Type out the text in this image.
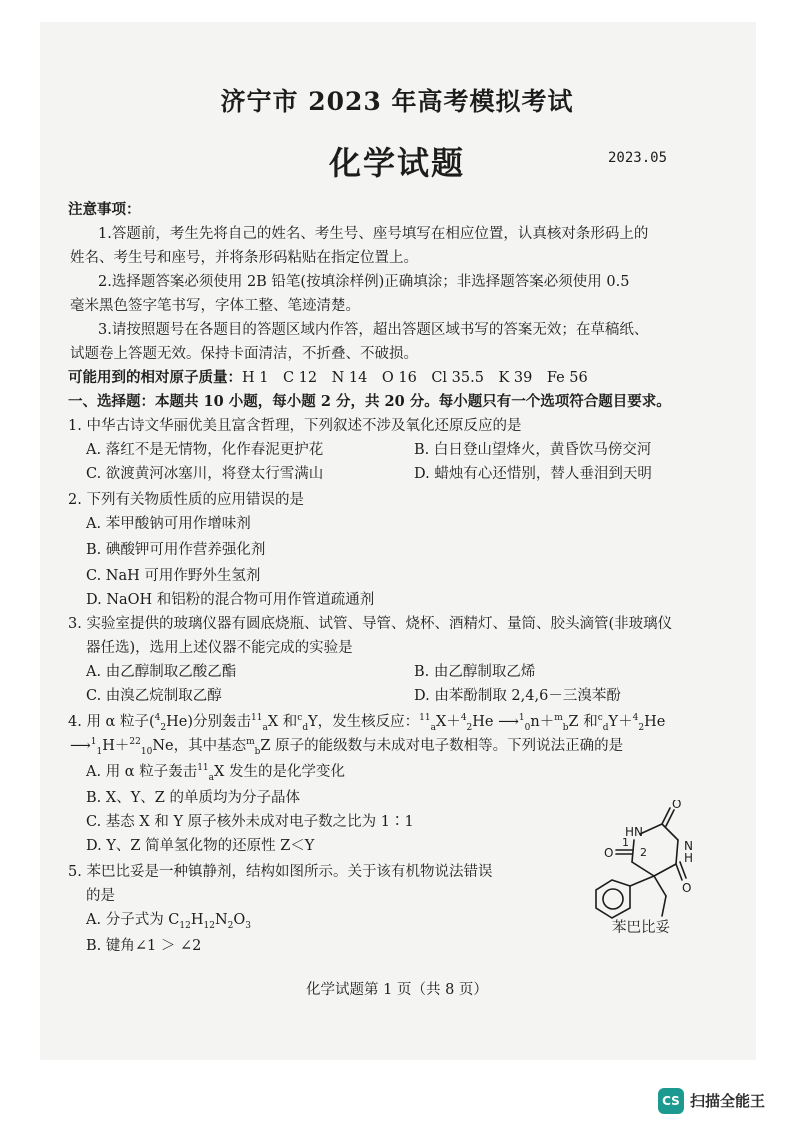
济宁市 2023 年高考模拟考试
化学试题	2023.05
注意事项：
1.答题前，考生先将自己的姓名、考生号、座号填写在相应位置，认真核对条形码上的
姓名、考生号和座号，并将条形码粘贴在指定位置上。
2.选择题答案必须使用 2B 铅笔(按填涂样例)正确填涂；非选择题答案必须使用 0.5
毫米黑色签字笔书写，字体工整、笔迹清楚。
3.请按照题号在各题目的答题区域内作答，超出答题区域书写的答案无效；在草稿纸、
试题卷上答题无效。保持卡面清洁，不折叠、不破损。
可能用到的相对原子质量：H 1　C 12　N 14　O 16　Cl 35.5　K 39　Fe 56
一、选择题：本题共 10 小题，每小题 2 分，共 20 分。每小题只有一个选项符合题目要求。
1. 中华古诗文华丽优美且富含哲理，下列叙述不涉及氧化还原反应的是
A. 落红不是无情物，化作春泥更护花	B. 白日登山望烽火，黄昏饮马傍交河
C. 欲渡黄河冰塞川，将登太行雪满山	D. 蜡烛有心还惜别，替人垂泪到天明
2. 下列有关物质性质的应用错误的是
A. 苯甲酸钠可用作增味剂
B. 碘酸钾可用作营养强化剂
C. NaH 可用作野外生氢剂
D. NaOH 和铝粉的混合物可用作管道疏通剂
3. 实验室提供的玻璃仪器有圆底烧瓶、试管、导管、烧杯、酒精灯、量筒、胶头滴管(非玻璃仪
器任选)，选用上述仪器不能完成的实验是
A. 由乙醇制取乙酸乙酯	B. 由乙醇制取乙烯
C. 由溴乙烷制取乙醇	D. 由苯酚制取 2,4,6－三溴苯酚
4. 用 α 粒子($^4_2$He)分别轰击$^{11}_a$X 和$^c_d$Y，发生核反应：$^{11}_a$X＋$^4_2$He ⟶$^1_0$n＋$^m_b$Z 和$^c_d$Y＋$^4_2$He
⟶$^1_1$H＋$^{22}_{10}$Ne，其中基态$^m_b$Z 原子的能级数与未成对电子数相等。下列说法正确的是
A. 用 α 粒子轰击$^{11}_a$X 发生的是化学变化
B. X、Y、Z 的单质均为分子晶体
C. 基态 X 和 Y 原子核外未成对电子数之比为 1∶1
D. Y、Z 简单氢化物的还原性 Z＜Y
5. 苯巴比妥是一种镇静剂，结构如图所示。关于该有机物说法错误
的是
A. 分子式为 $C_{12}H_{12}N_2O_3$
B. 键角∠1 ＞ ∠2
HN
N
H
O
O
O
1
2
苯巴比妥
化学试题第 1 页（共 8 页）
CS 扫描全能王
